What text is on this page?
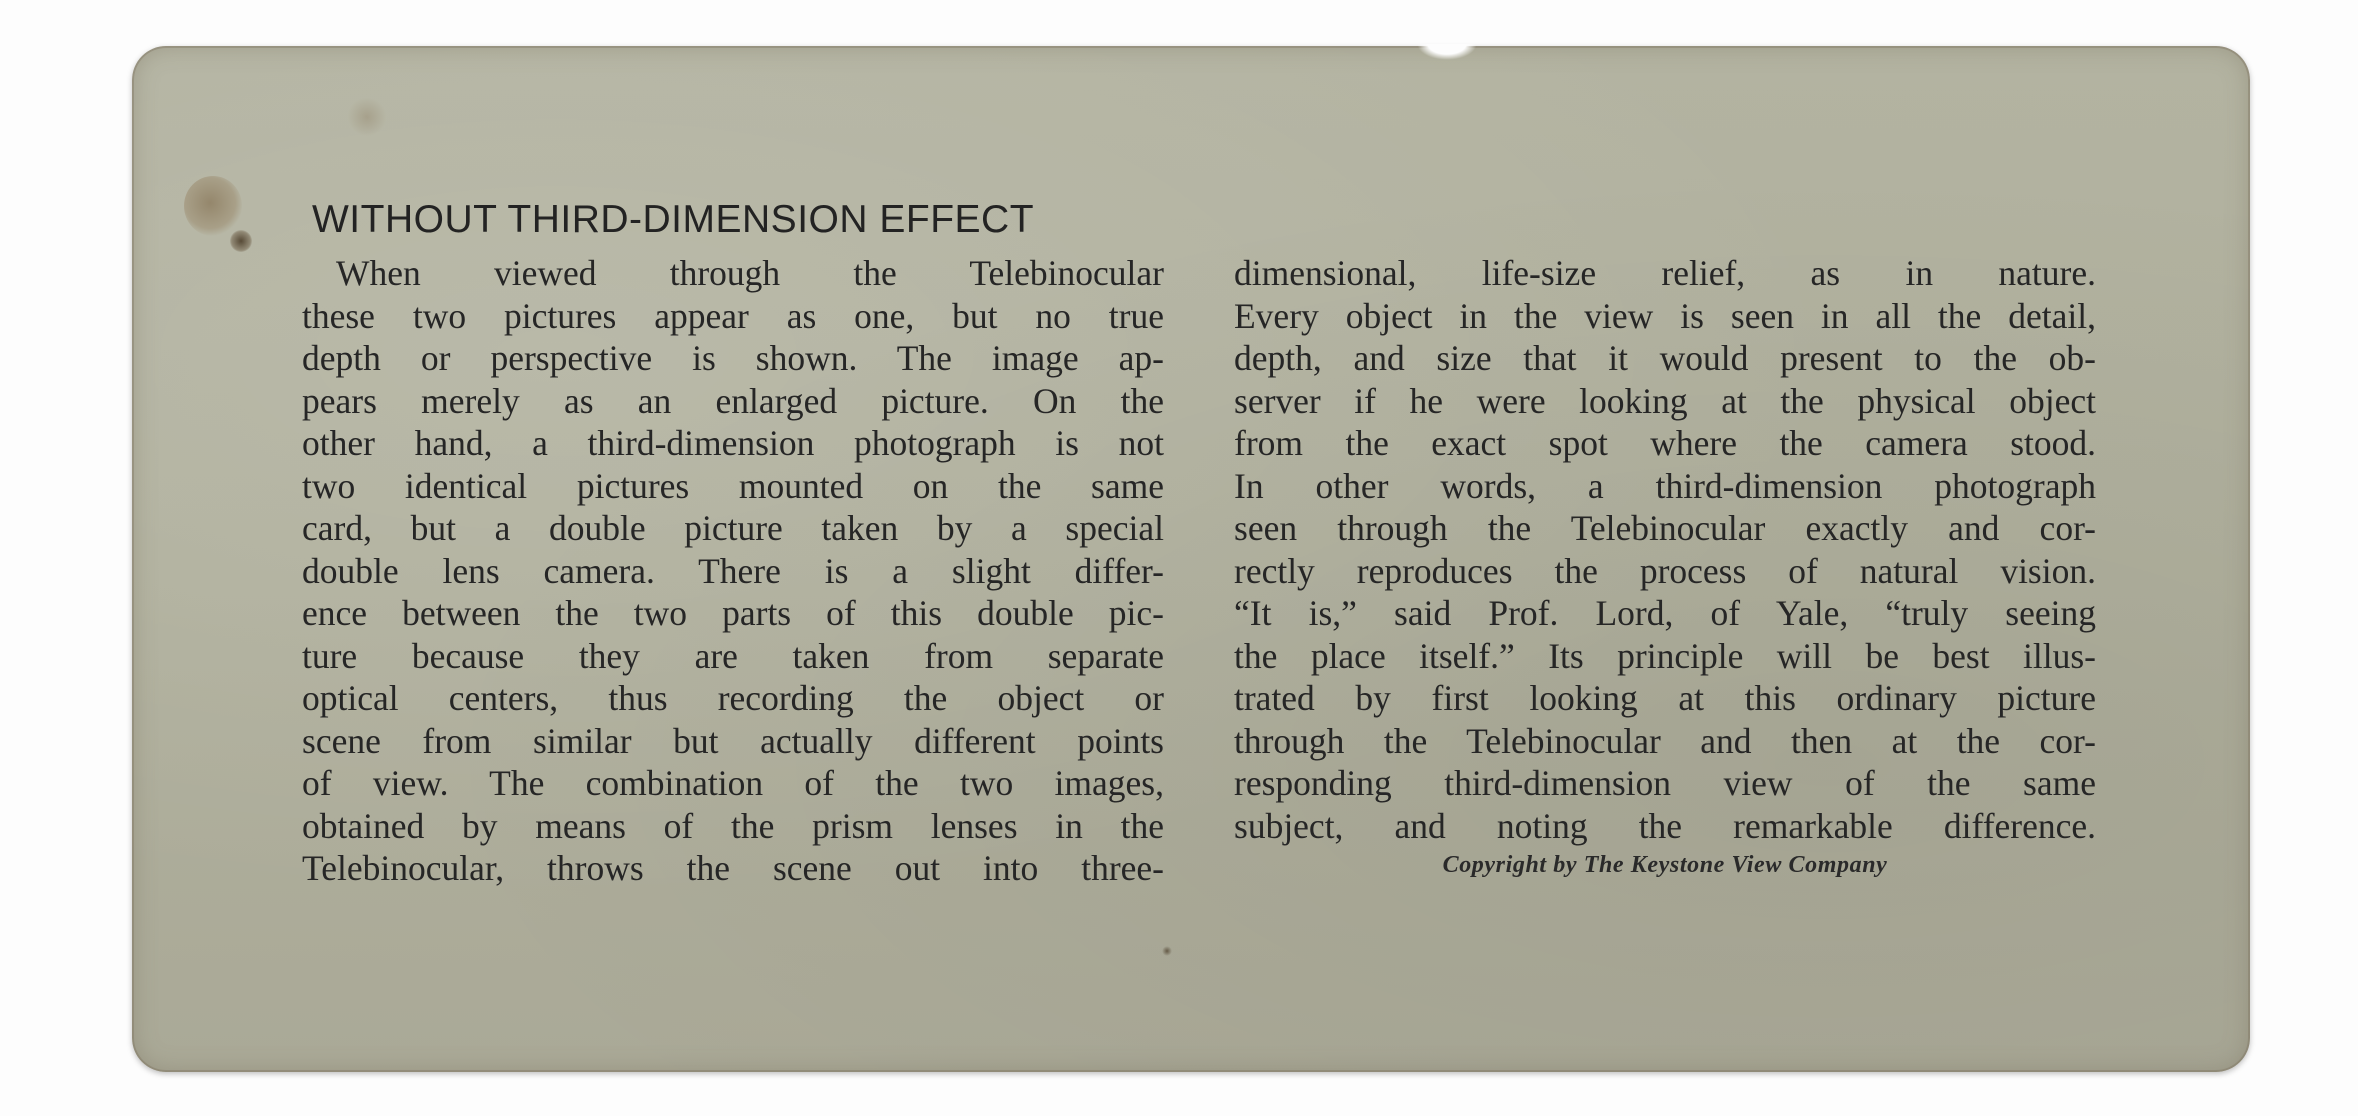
WITHOUT THIRD-DIMENSION EFFECT
When viewed through the Telebinocular
these two pictures appear as one, but no true
depth or perspective is shown. The image ap-
pears merely as an enlarged picture. On the
other hand, a third-dimension photograph is not
two identical pictures mounted on the same
card, but a double picture taken by a special
double lens camera. There is a slight differ-
ence between the two parts of this double pic-
ture because they are taken from separate
optical centers, thus recording the object or
scene from similar but actually different points
of view. The combination of the two images,
obtained by means of the prism lenses in the
Telebinocular, throws the scene out into three-
dimensional, life-size relief, as in nature.
Every object in the view is seen in all the detail,
depth, and size that it would present to the ob-
server if he were looking at the physical object
from the exact spot where the camera stood.
In other words, a third-dimension photograph
seen through the Telebinocular exactly and cor-
rectly reproduces the process of natural vision.
“It is,” said Prof. Lord, of Yale, “truly seeing
the place itself.” Its principle will be best illus-
trated by first looking at this ordinary picture
through the Telebinocular and then at the cor-
responding third-dimension view of the same
subject, and noting the remarkable difference.
Copyright by The Keystone View Company
